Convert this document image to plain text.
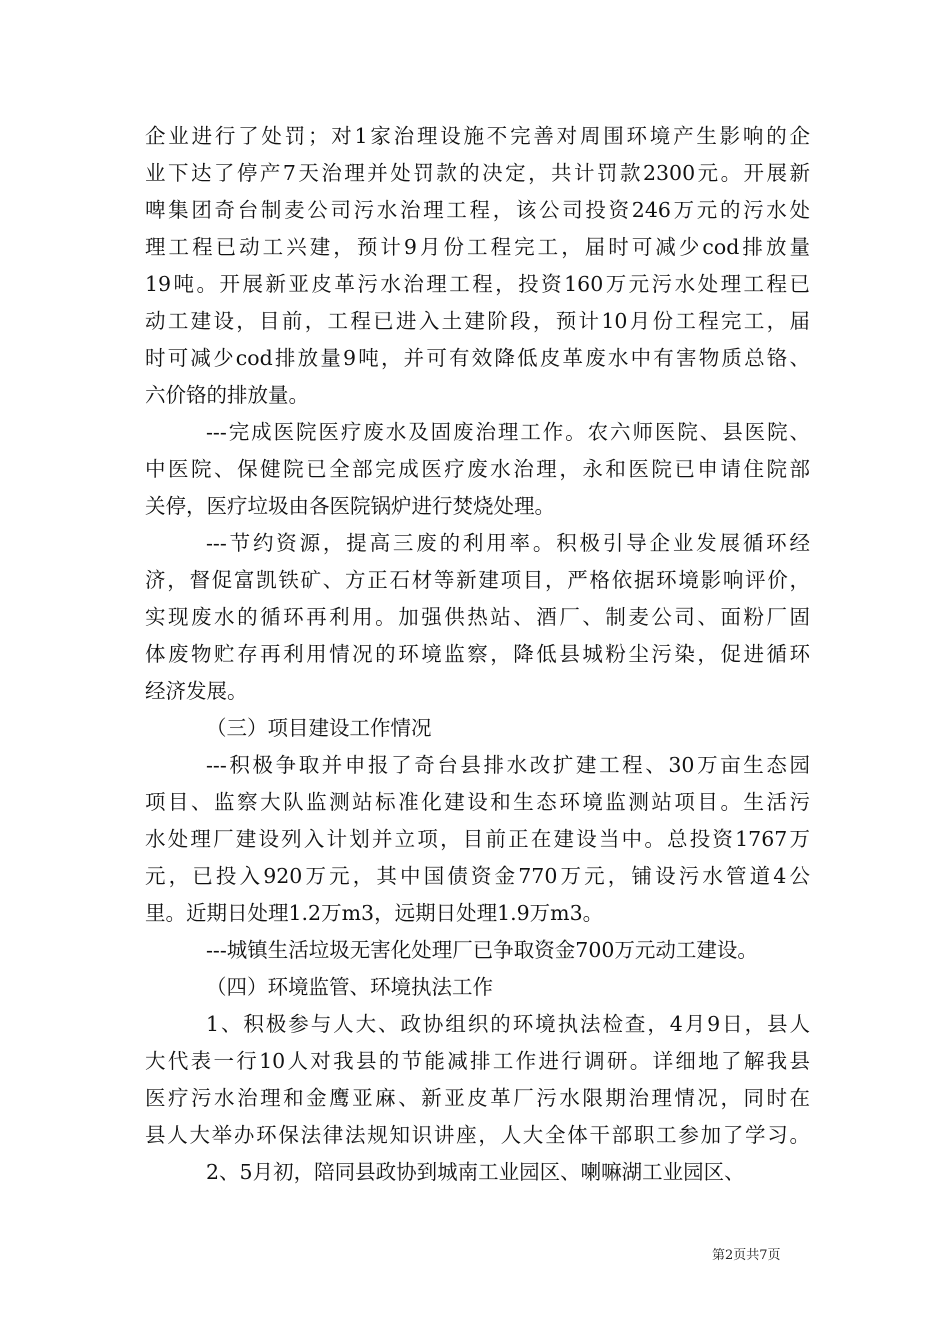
企业进行了处罚；对1家治理设施不完善对周围环境产生影响的企
业下达了停产7天治理并处罚款的决定，共计罚款2300元。开展新
啤集团奇台制麦公司污水治理工程，该公司投资246万元的污水处
理工程已动工兴建，预计9月份工程完工，届时可减少cod排放量
19吨。开展新亚皮革污水治理工程，投资160万元污水处理工程已
动工建设，目前，工程已进入土建阶段，预计10月份工程完工，届
时可减少cod排放量9吨，并可有效降低皮革废水中有害物质总铬、
六价铬的排放量。
---完成医院医疗废水及固废治理工作。农六师医院、县医院、
中医院、保健院已全部完成医疗废水治理，永和医院已申请住院部
关停，医疗垃圾由各医院锅炉进行焚烧处理。
---节约资源，提高三废的利用率。积极引导企业发展循环经
济，督促富凯铁矿、方正石材等新建项目，严格依据环境影响评价，
实现废水的循环再利用。加强供热站、酒厂、制麦公司、面粉厂固
体废物贮存再利用情况的环境监察，降低县城粉尘污染，促进循环
经济发展。
（三）项目建设工作情况
---积极争取并申报了奇台县排水改扩建工程、30万亩生态园
项目、监察大队监测站标准化建设和生态环境监测站项目。生活污
水处理厂建设列入计划并立项，目前正在建设当中。总投资1767万
元，已投入920万元，其中国债资金770万元，铺设污水管道4公
里。近期日处理1.2万m3，远期日处理1.9万m3。
---城镇生活垃圾无害化处理厂已争取资金700万元动工建设。
（四）环境监管、环境执法工作
1、积极参与人大、政协组织的环境执法检查，4月9日，县人
大代表一行10人对我县的节能减排工作进行调研。详细地了解我县
医疗污水治理和金鹰亚麻、新亚皮革厂污水限期治理情况，同时在
县人大举办环保法律法规知识讲座，人大全体干部职工参加了学习。
2、5月初，陪同县政协到城南工业园区、喇嘛湖工业园区、
第2页共7页
